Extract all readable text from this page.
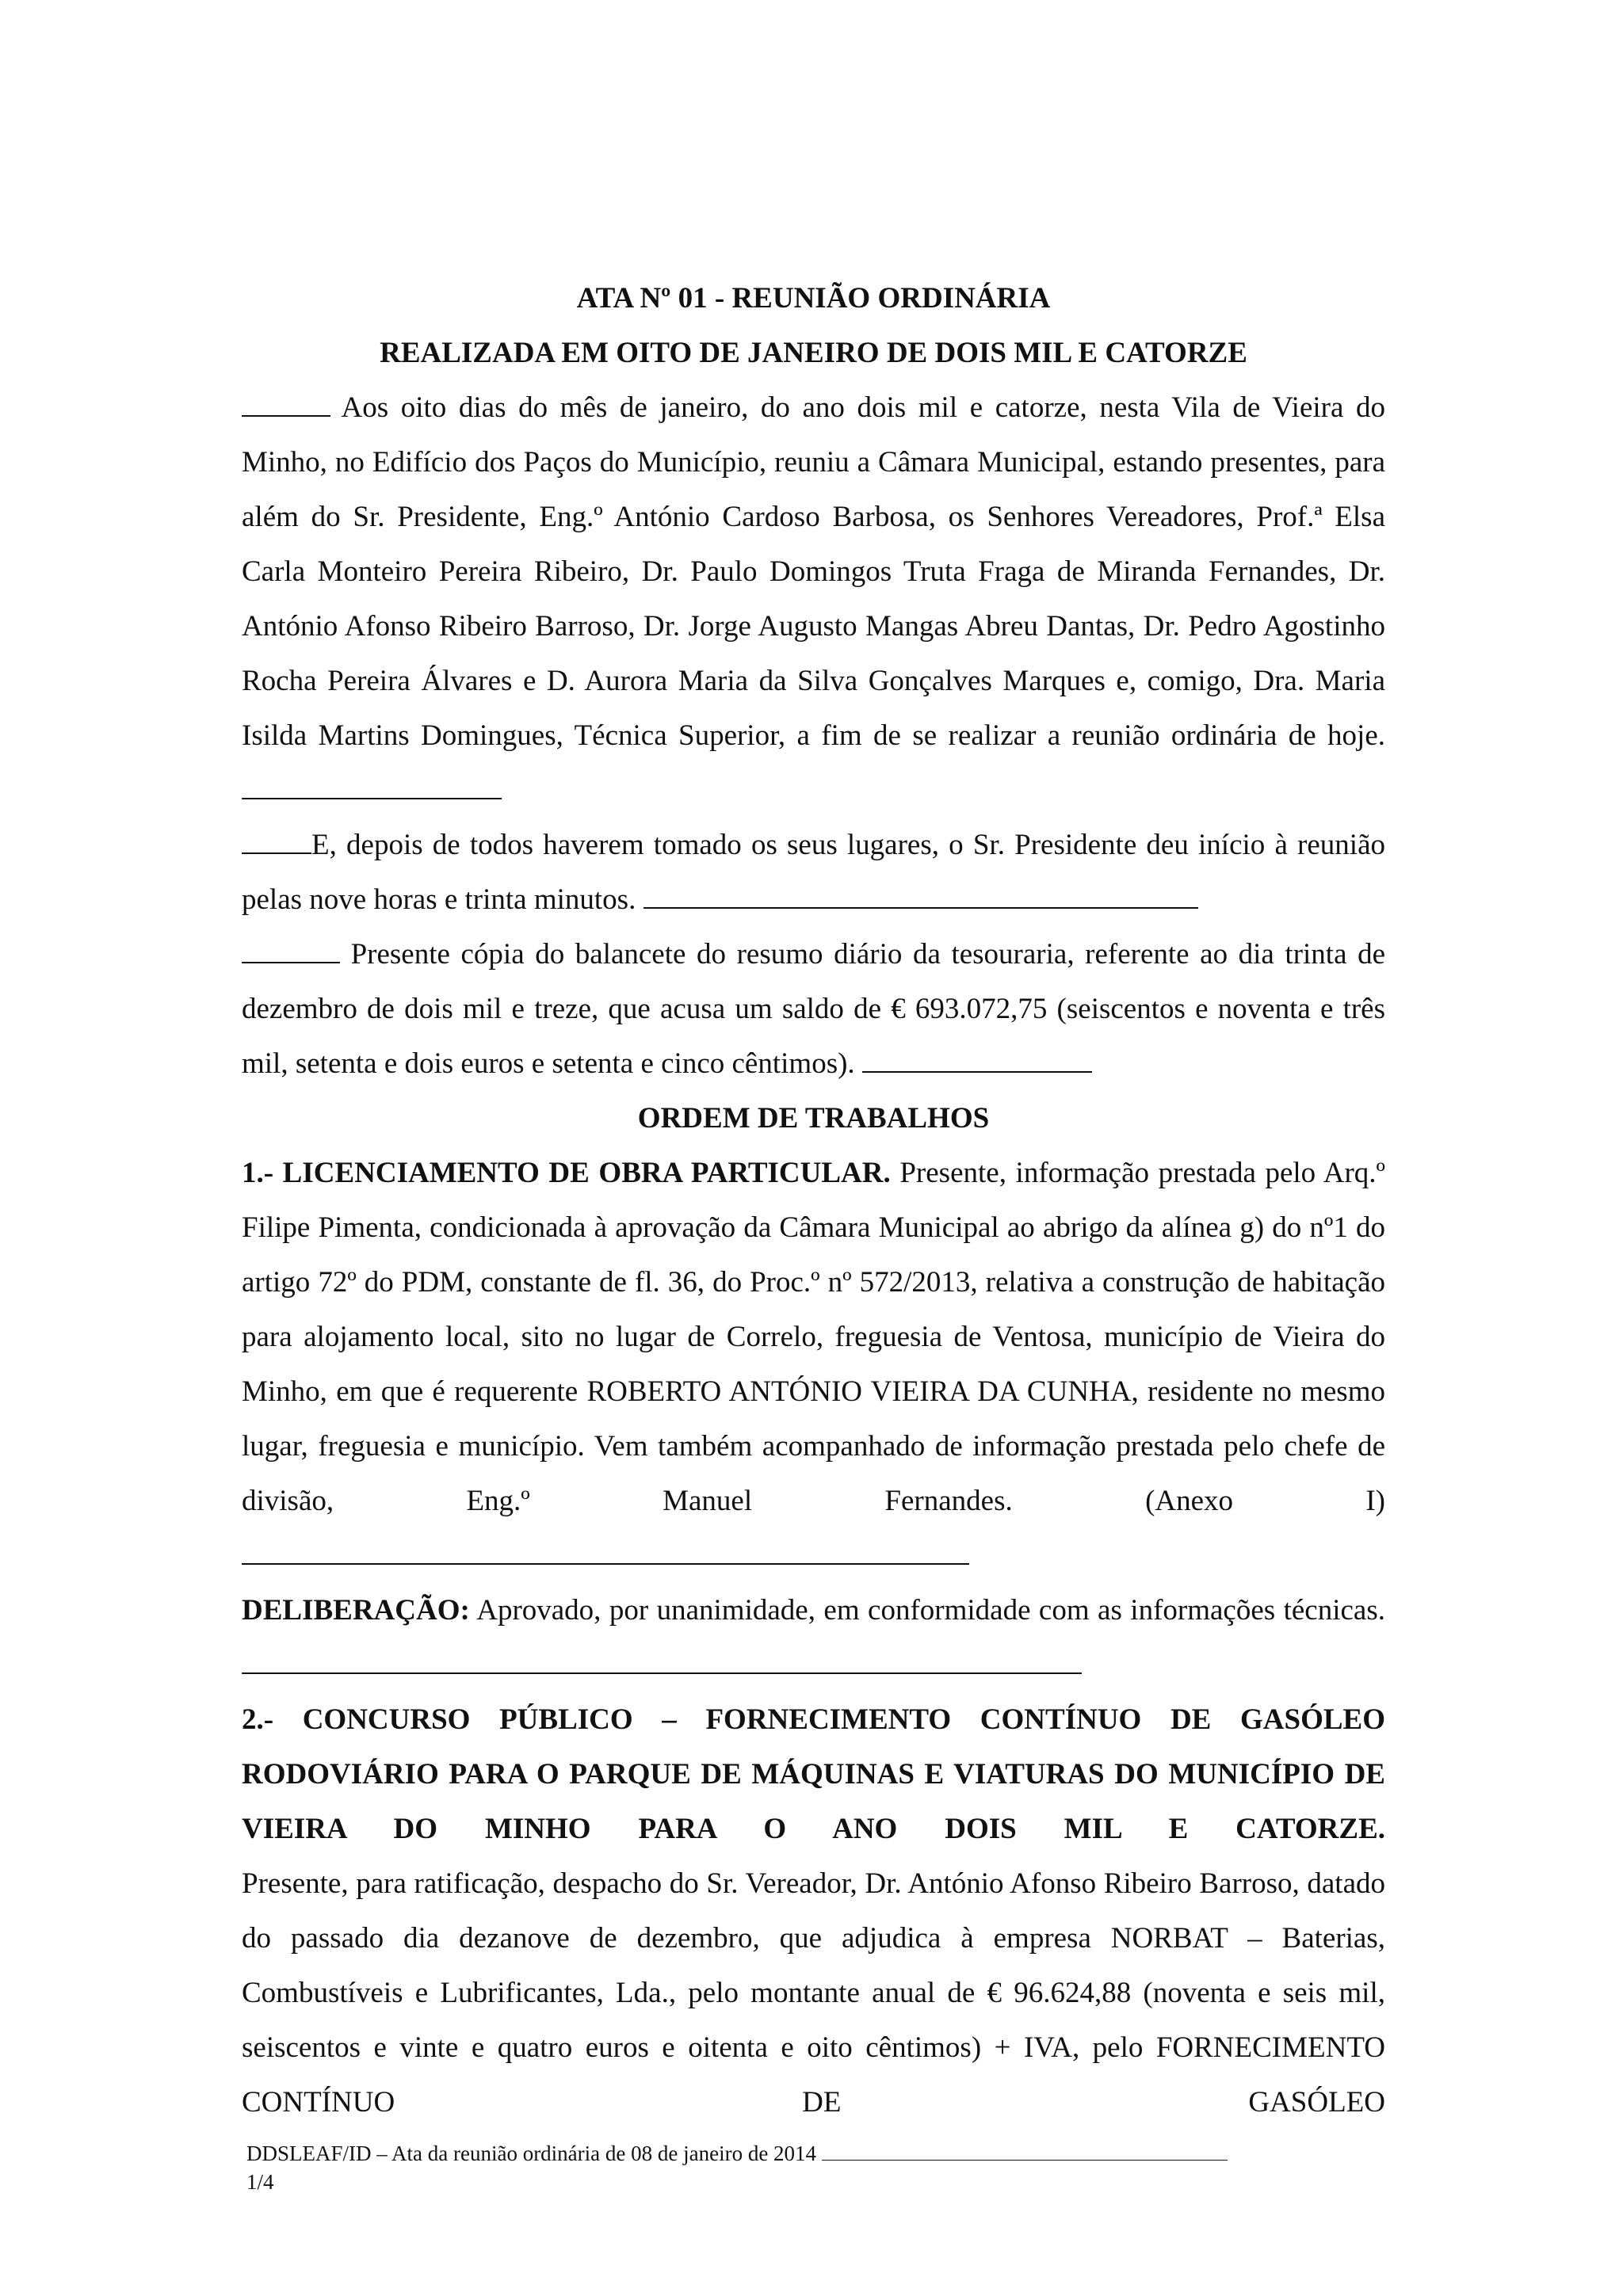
ATA Nº 01 - REUNIÃO ORDINÁRIA

REALIZADA EM OITO DE JANEIRO DE DOIS MIL E CATORZE

Aos oito dias do mês de janeiro, do ano dois mil e catorze, nesta Vila de Vieira do Minho, no Edifício dos Paços do Município, reuniu a Câmara Municipal, estando presentes, para além do Sr. Presidente, Eng.º António Cardoso Barbosa, os Senhores Vereadores, Prof.ª Elsa Carla Monteiro Pereira Ribeiro, Dr. Paulo Domingos Truta Fraga de Miranda Fernandes, Dr. António Afonso Ribeiro Barroso, Dr. Jorge Augusto Mangas Abreu Dantas, Dr. Pedro Agostinho Rocha Pereira Álvares e D. Aurora Maria da Silva Gonçalves Marques e, comigo, Dra. Maria Isilda Martins Domingues, Técnica Superior, a fim de se realizar a reunião ordinária de hoje.

E, depois de todos haverem tomado os seus lugares, o Sr. Presidente deu início à reunião pelas nove horas e trinta minutos.

Presente cópia do balancete do resumo diário da tesouraria, referente ao dia trinta de dezembro de dois mil e treze, que acusa um saldo de € 693.072,75 (seiscentos e noventa e três mil, setenta e dois euros e setenta e cinco cêntimos).

ORDEM DE TRABALHOS

1.- LICENCIAMENTO DE OBRA PARTICULAR. Presente, informação prestada pelo Arq.º Filipe Pimenta, condicionada à aprovação da Câmara Municipal ao abrigo da alínea g) do nº1 do artigo 72º do PDM, constante de fl. 36, do Proc.º nº 572/2013, relativa a construção de habitação para alojamento local, sito no lugar de Correlo, freguesia de Ventosa, município de Vieira do Minho, em que é requerente ROBERTO ANTÓNIO VIEIRA DA CUNHA, residente no mesmo lugar, freguesia e município. Vem também acompanhado de informação prestada pelo chefe de divisão, Eng.º Manuel Fernandes. (Anexo I)

DELIBERAÇÃO: Aprovado, por unanimidade, em conformidade com as informações técnicas.

2.- CONCURSO PÚBLICO – FORNECIMENTO CONTÍNUO DE GASÓLEO RODOVIÁRIO PARA O PARQUE DE MÁQUINAS E VIATURAS DO MUNICÍPIO DE VIEIRA DO MINHO PARA O ANO DOIS MIL E CATORZE.

Presente, para ratificação, despacho do Sr. Vereador, Dr. António Afonso Ribeiro Barroso, datado do passado dia dezanove de dezembro, que adjudica à empresa NORBAT – Baterias, Combustíveis e Lubrificantes, Lda., pelo montante anual de € 96.624,88 (noventa e seis mil, seiscentos e vinte e quatro euros e oitenta e oito cêntimos) + IVA, pelo FORNECIMENTO CONTÍNUO DE GASÓLEO

DDSLEAF/ID – Ata da reunião ordinária de 08 de janeiro de 2014
1/4
